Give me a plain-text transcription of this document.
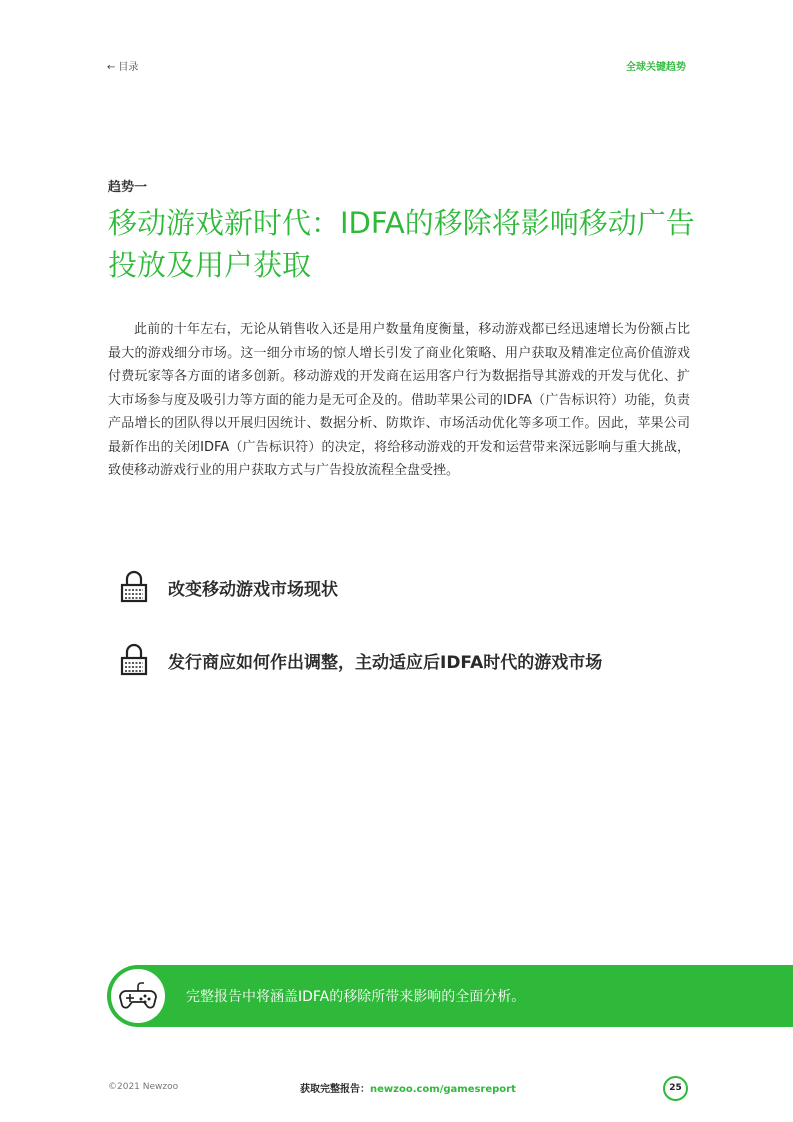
← 目录	全球关键趋势
趋势一
移动游戏新时代：IDFA的移除将影响移动广告投放及用户获取
此前的十年左右，无论从销售收入还是用户数量角度衡量，移动游戏都已经迅速增长为份额占比最大的游戏细分市场。这一细分市场的惊人增长引发了商业化策略、用户获取及精准定位高价值游戏付费玩家等各方面的诸多创新。移动游戏的开发商在运用客户行为数据指导其游戏的开发与优化、扩大市场参与度及吸引力等方面的能力是无可企及的。借助苹果公司的IDFA（广告标识符）功能，负责产品增长的团队得以开展归因统计、数据分析、防欺诈、市场活动优化等多项工作。因此，苹果公司最新作出的关闭IDFA（广告标识符）的决定，将给移动游戏的开发和运营带来深远影响与重大挑战，致使移动游戏行业的用户获取方式与广告投放流程全盘受挫。
改变移动游戏市场现状
发行商应如何作出调整，主动适应后IDFA时代的游戏市场
完整报告中将涵盖IDFA的移除所带来影响的全面分析。
©2021 Newzoo	获取完整报告：newzoo.com/gamesreport	25
